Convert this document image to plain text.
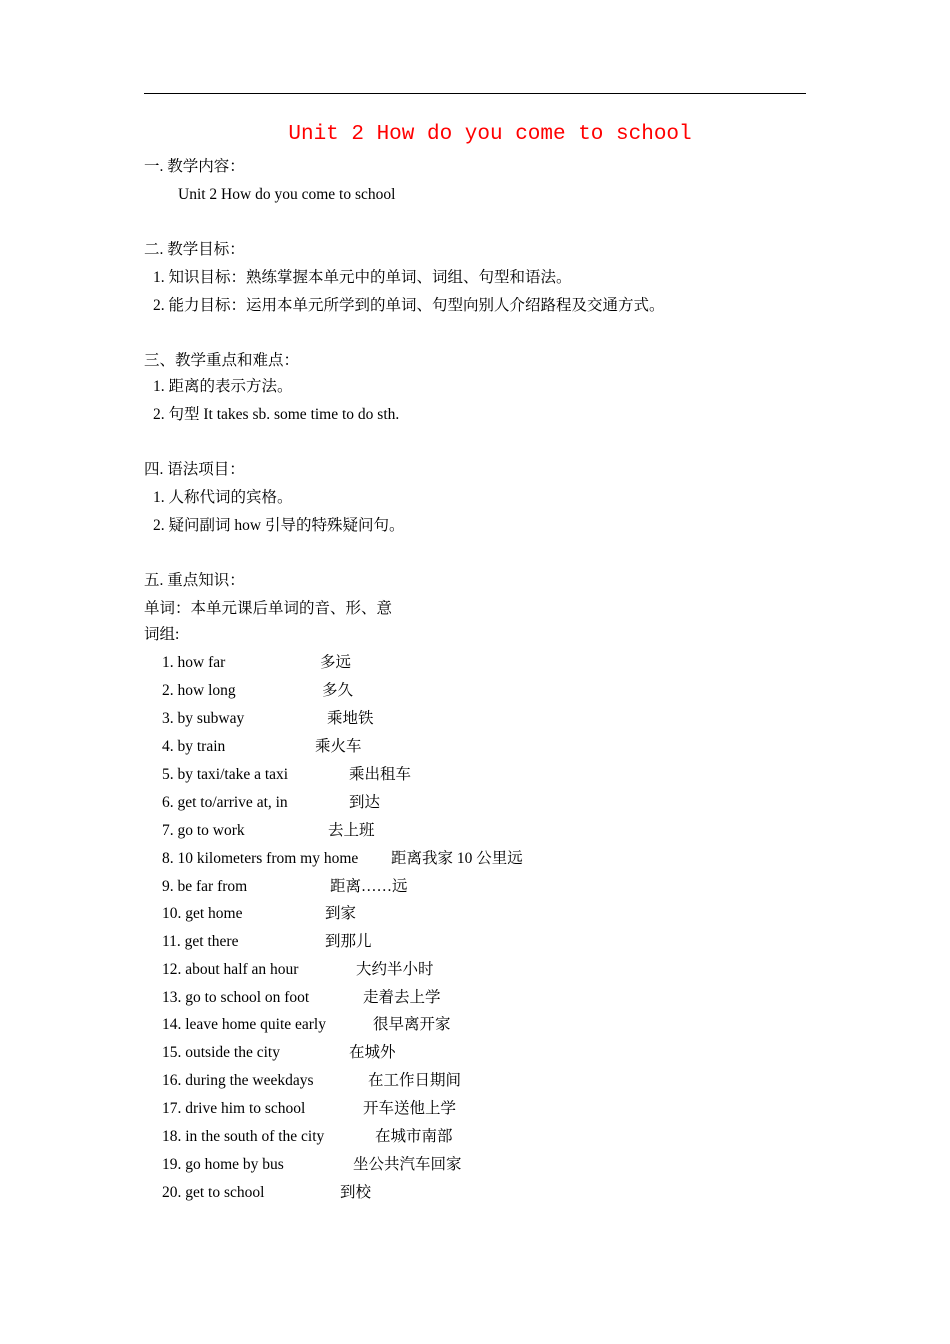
Unit 2 How do you come to school
一. 教学内容：
Unit 2 How do you come to school
二. 教学目标：
1. 知识目标：熟练掌握本单元中的单词、词组、句型和语法。
2. 能力目标：运用本单元所学到的单词、句型向别人介绍路程及交通方式。
三、教学重点和难点：
1. 距离的表示方法。
2. 句型 It takes sb. some time to do sth.
四. 语法项目：
1. 人称代词的宾格。
2. 疑问副词 how 引导的特殊疑问句。
五. 重点知识：
单词：本单元课后单词的音、形、意
词组:
1. how far	多远
2. how long	多久
3. by subway	乘地铁
4. by train	乘火车
5. by taxi/take a taxi	乘出租车
6. get to/arrive at, in	到达
7. go to work	去上班
8. 10 kilometers from my home 距离我家 10 公里远
9. be far from	距离……远
10. get home	到家
11. get there	到那儿
12. about half an hour	大约半小时
13. go to school on foot	走着去上学
14. leave home quite early	很早离开家
15. outside the city	在城外
16. during the weekdays	在工作日期间
17. drive him to school	开车送他上学
18. in the south of the city	在城市南部
19. go home by bus	坐公共汽车回家
20. get to school	到校
